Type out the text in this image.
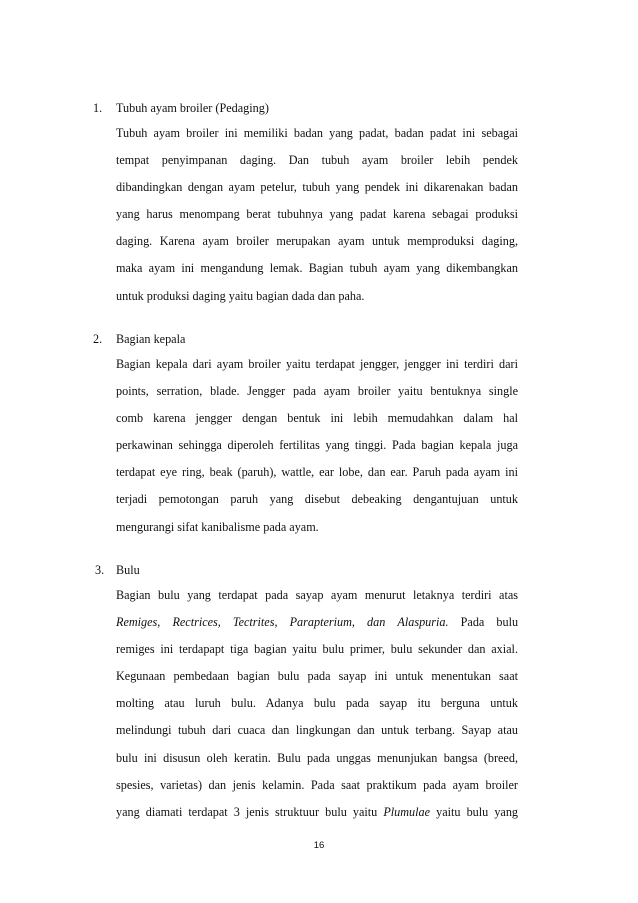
1. Tubuh ayam broiler (Pedaging)
Tubuh ayam broiler ini memiliki badan yang padat, badan padat ini sebagai
tempat penyimpanan daging. Dan tubuh ayam broiler lebih pendek
dibandingkan dengan ayam petelur, tubuh yang pendek ini dikarenakan badan
yang harus menompang berat tubuhnya yang padat karena sebagai produksi
daging. Karena ayam broiler merupakan ayam untuk memproduksi daging,
maka ayam ini mengandung lemak. Bagian tubuh ayam yang dikembangkan
untuk produksi daging yaitu bagian dada dan paha.
2. Bagian kepala
Bagian kepala dari ayam broiler yaitu terdapat jengger, jengger ini terdiri dari
points, serration, blade. Jengger pada ayam broiler yaitu bentuknya single
comb karena jengger dengan bentuk ini lebih memudahkan dalam hal
perkawinan sehingga diperoleh fertilitas yang tinggi. Pada bagian kepala juga
terdapat eye ring, beak (paruh), wattle, ear lobe, dan ear. Paruh pada ayam ini
terjadi pemotongan paruh yang disebut debeaking dengantujuan untuk
mengurangi sifat kanibalisme pada ayam.
3. Bulu
Bagian bulu yang terdapat pada sayap ayam menurut letaknya terdiri atas
Remiges, Rectrices, Tectrites, Parapterium, dan Alaspuria. Pada bulu
remiges ini terdapapt tiga bagian yaitu bulu primer, bulu sekunder dan axial.
Kegunaan pembedaan bagian bulu pada sayap ini untuk menentukan saat
molting atau luruh bulu. Adanya bulu pada sayap itu berguna untuk
melindungi tubuh dari cuaca dan lingkungan dan untuk terbang. Sayap atau
bulu ini disusun oleh keratin. Bulu pada unggas menunjukan bangsa (breed,
spesies, varietas) dan jenis kelamin. Pada saat praktikum pada ayam broiler
yang diamati terdapat 3 jenis struktuur bulu yaitu Plumulae yaitu bulu yang
16
